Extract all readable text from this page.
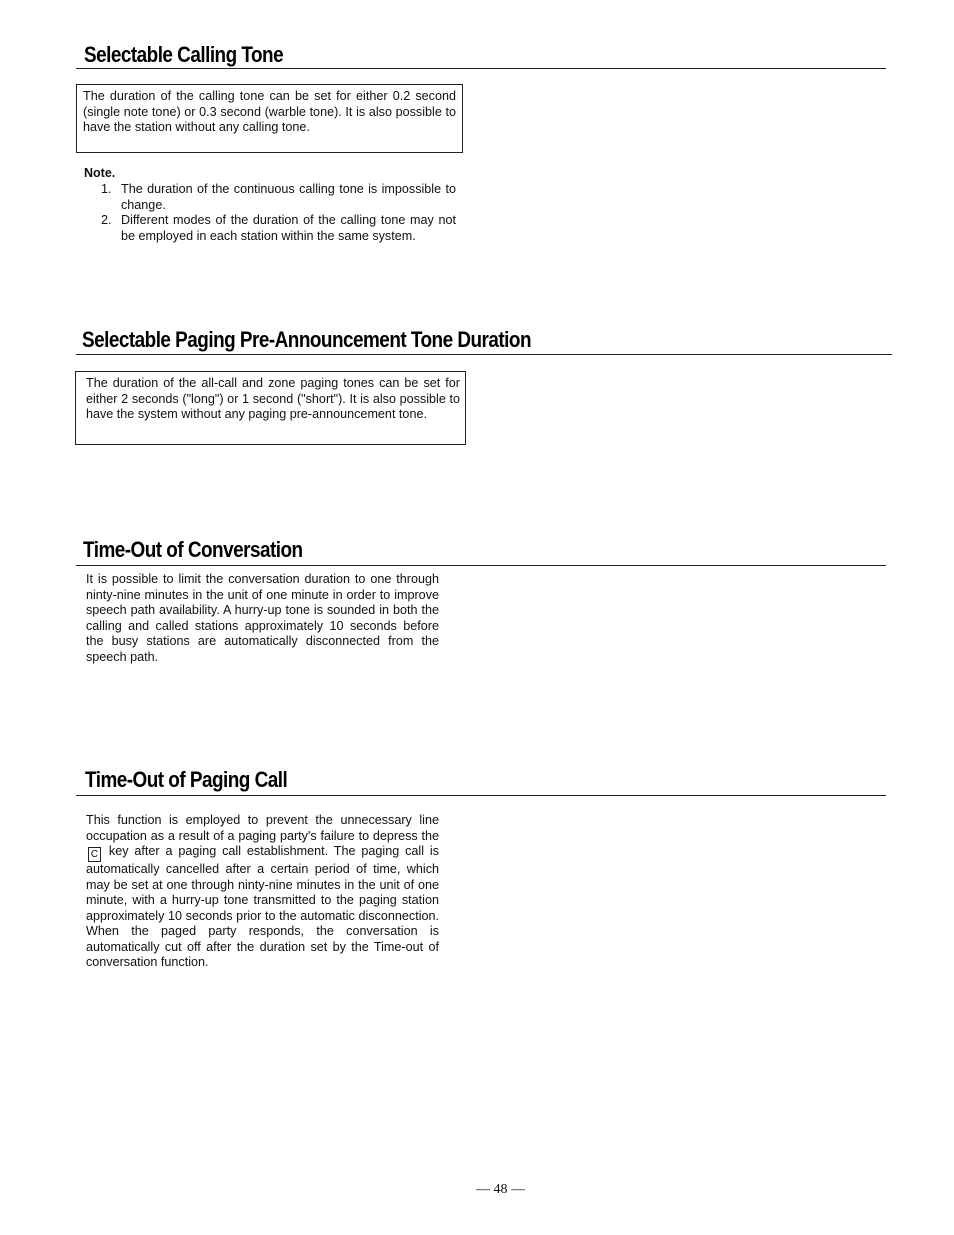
Selectable Calling Tone

The duration of the calling tone can be set for either 0.2 second (single note tone) or 0.3 second (warble tone). It is also possible to have the station without any calling tone.

Note.

1. The duration of the continuous calling tone is impossible to change.
2. Different modes of the duration of the calling tone may not be employed in each station within the same system.
Selectable Paging Pre-Announcement Tone Duration

The duration of the all-call and zone paging tones can be set for either 2 seconds ("long") or 1 second ("short"). It is also possible to have the system without any paging pre-announcement tone.

Time-Out of Conversation

It is possible to limit the conversation duration to one through ninty-nine minutes in the unit of one minute in order to improve speech path availability. A hurry-up tone is sounded in both the calling and called stations approximately 10 seconds before the busy stations are automatically disconnected from the speech path.

Time-Out of Paging Call

This function is employed to prevent the unnecessary line occupation as a result of a paging party's failure to depress the C key after a paging call establishment. The paging call is automatically cancelled after a certain period of time, which may be set at one through ninty-nine minutes in the unit of one minute, with a hurry-up tone transmitted to the paging station approximately 10 seconds prior to the automatic disconnection. When the paged party responds, the conversation is automatically cut off after the duration set by the Time-out of conversation function.

— 48 —
